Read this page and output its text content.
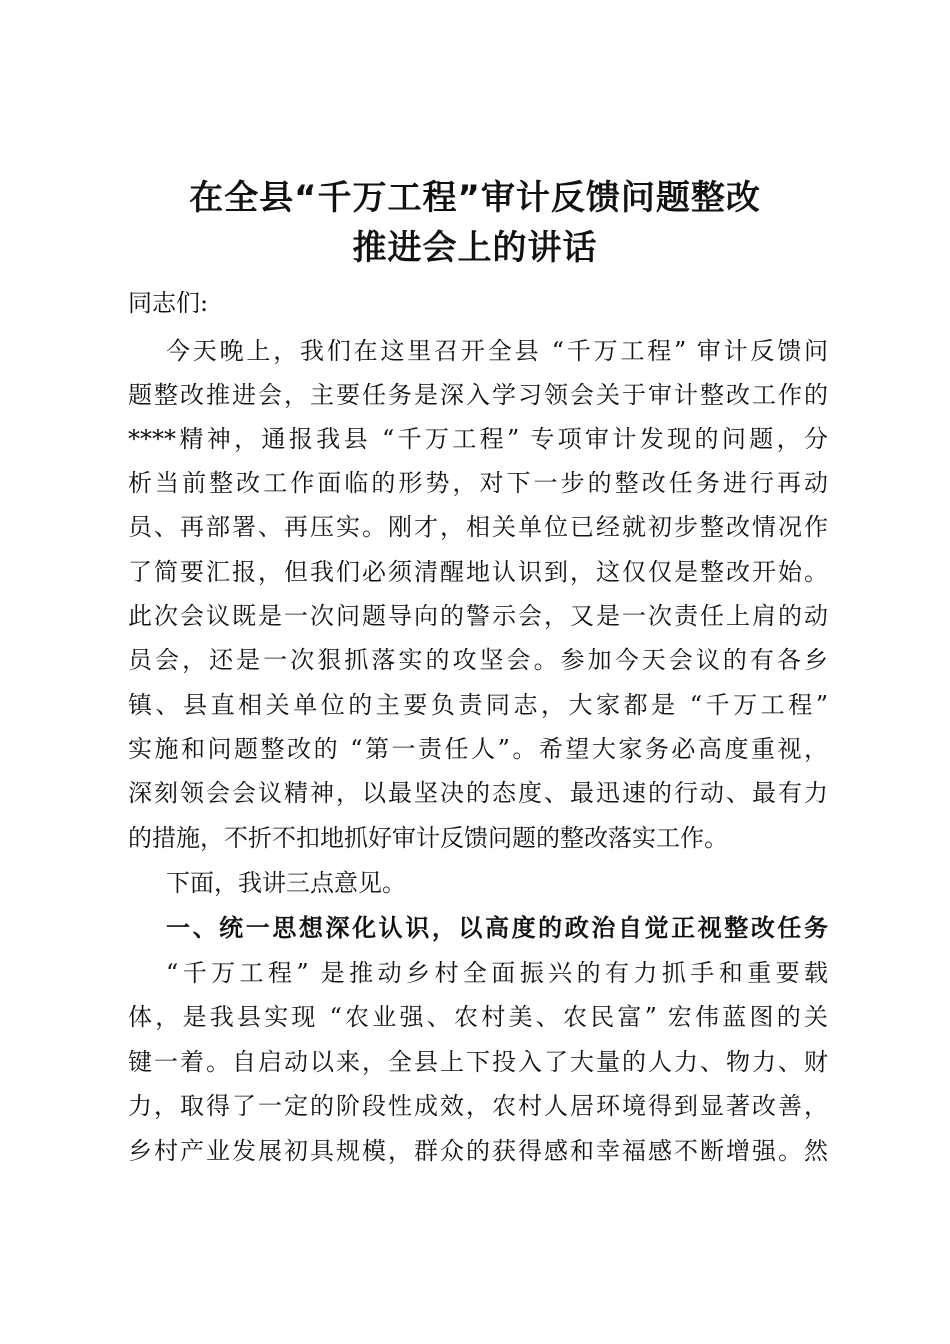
在全县“千万工程”审计反馈问题整改
推进会上的讲话
同志们:
今天晚上，我们在这里召开全县 “千万工程” 审计反馈问
题整改推进会，主要任务是深入学习领会关于审计整改工作的
****精神，通报我县 “千万工程” 专项审计发现的问题，分
析当前整改工作面临的形势，对下一步的整改任务进行再动
员、再部署、再压实。刚才，相关单位已经就初步整改情况作
了简要汇报，但我们必须清醒地认识到，这仅仅是整改开始。
此次会议既是一次问题导向的警示会，又是一次责任上肩的动
员会，还是一次狠抓落实的攻坚会。参加今天会议的有各乡
镇、县直相关单位的主要负责同志，大家都是 “千万工程”
实施和问题整改的 “第一责任人”。希望大家务必高度重视，
深刻领会会议精神，以最坚决的态度、最迅速的行动、最有力
的措施，不折不扣地抓好审计反馈问题的整改落实工作。
下面，我讲三点意见。
一、统一思想深化认识，以高度的政治自觉正视整改任务
“千万工程” 是推动乡村全面振兴的有力抓手和重要载
体，是我县实现 “农业强、农村美、农民富” 宏伟蓝图的关
键一着。自启动以来，全县上下投入了大量的人力、物力、财
力，取得了一定的阶段性成效，农村人居环境得到显著改善，
乡村产业发展初具规模，群众的获得感和幸福感不断增强。然
